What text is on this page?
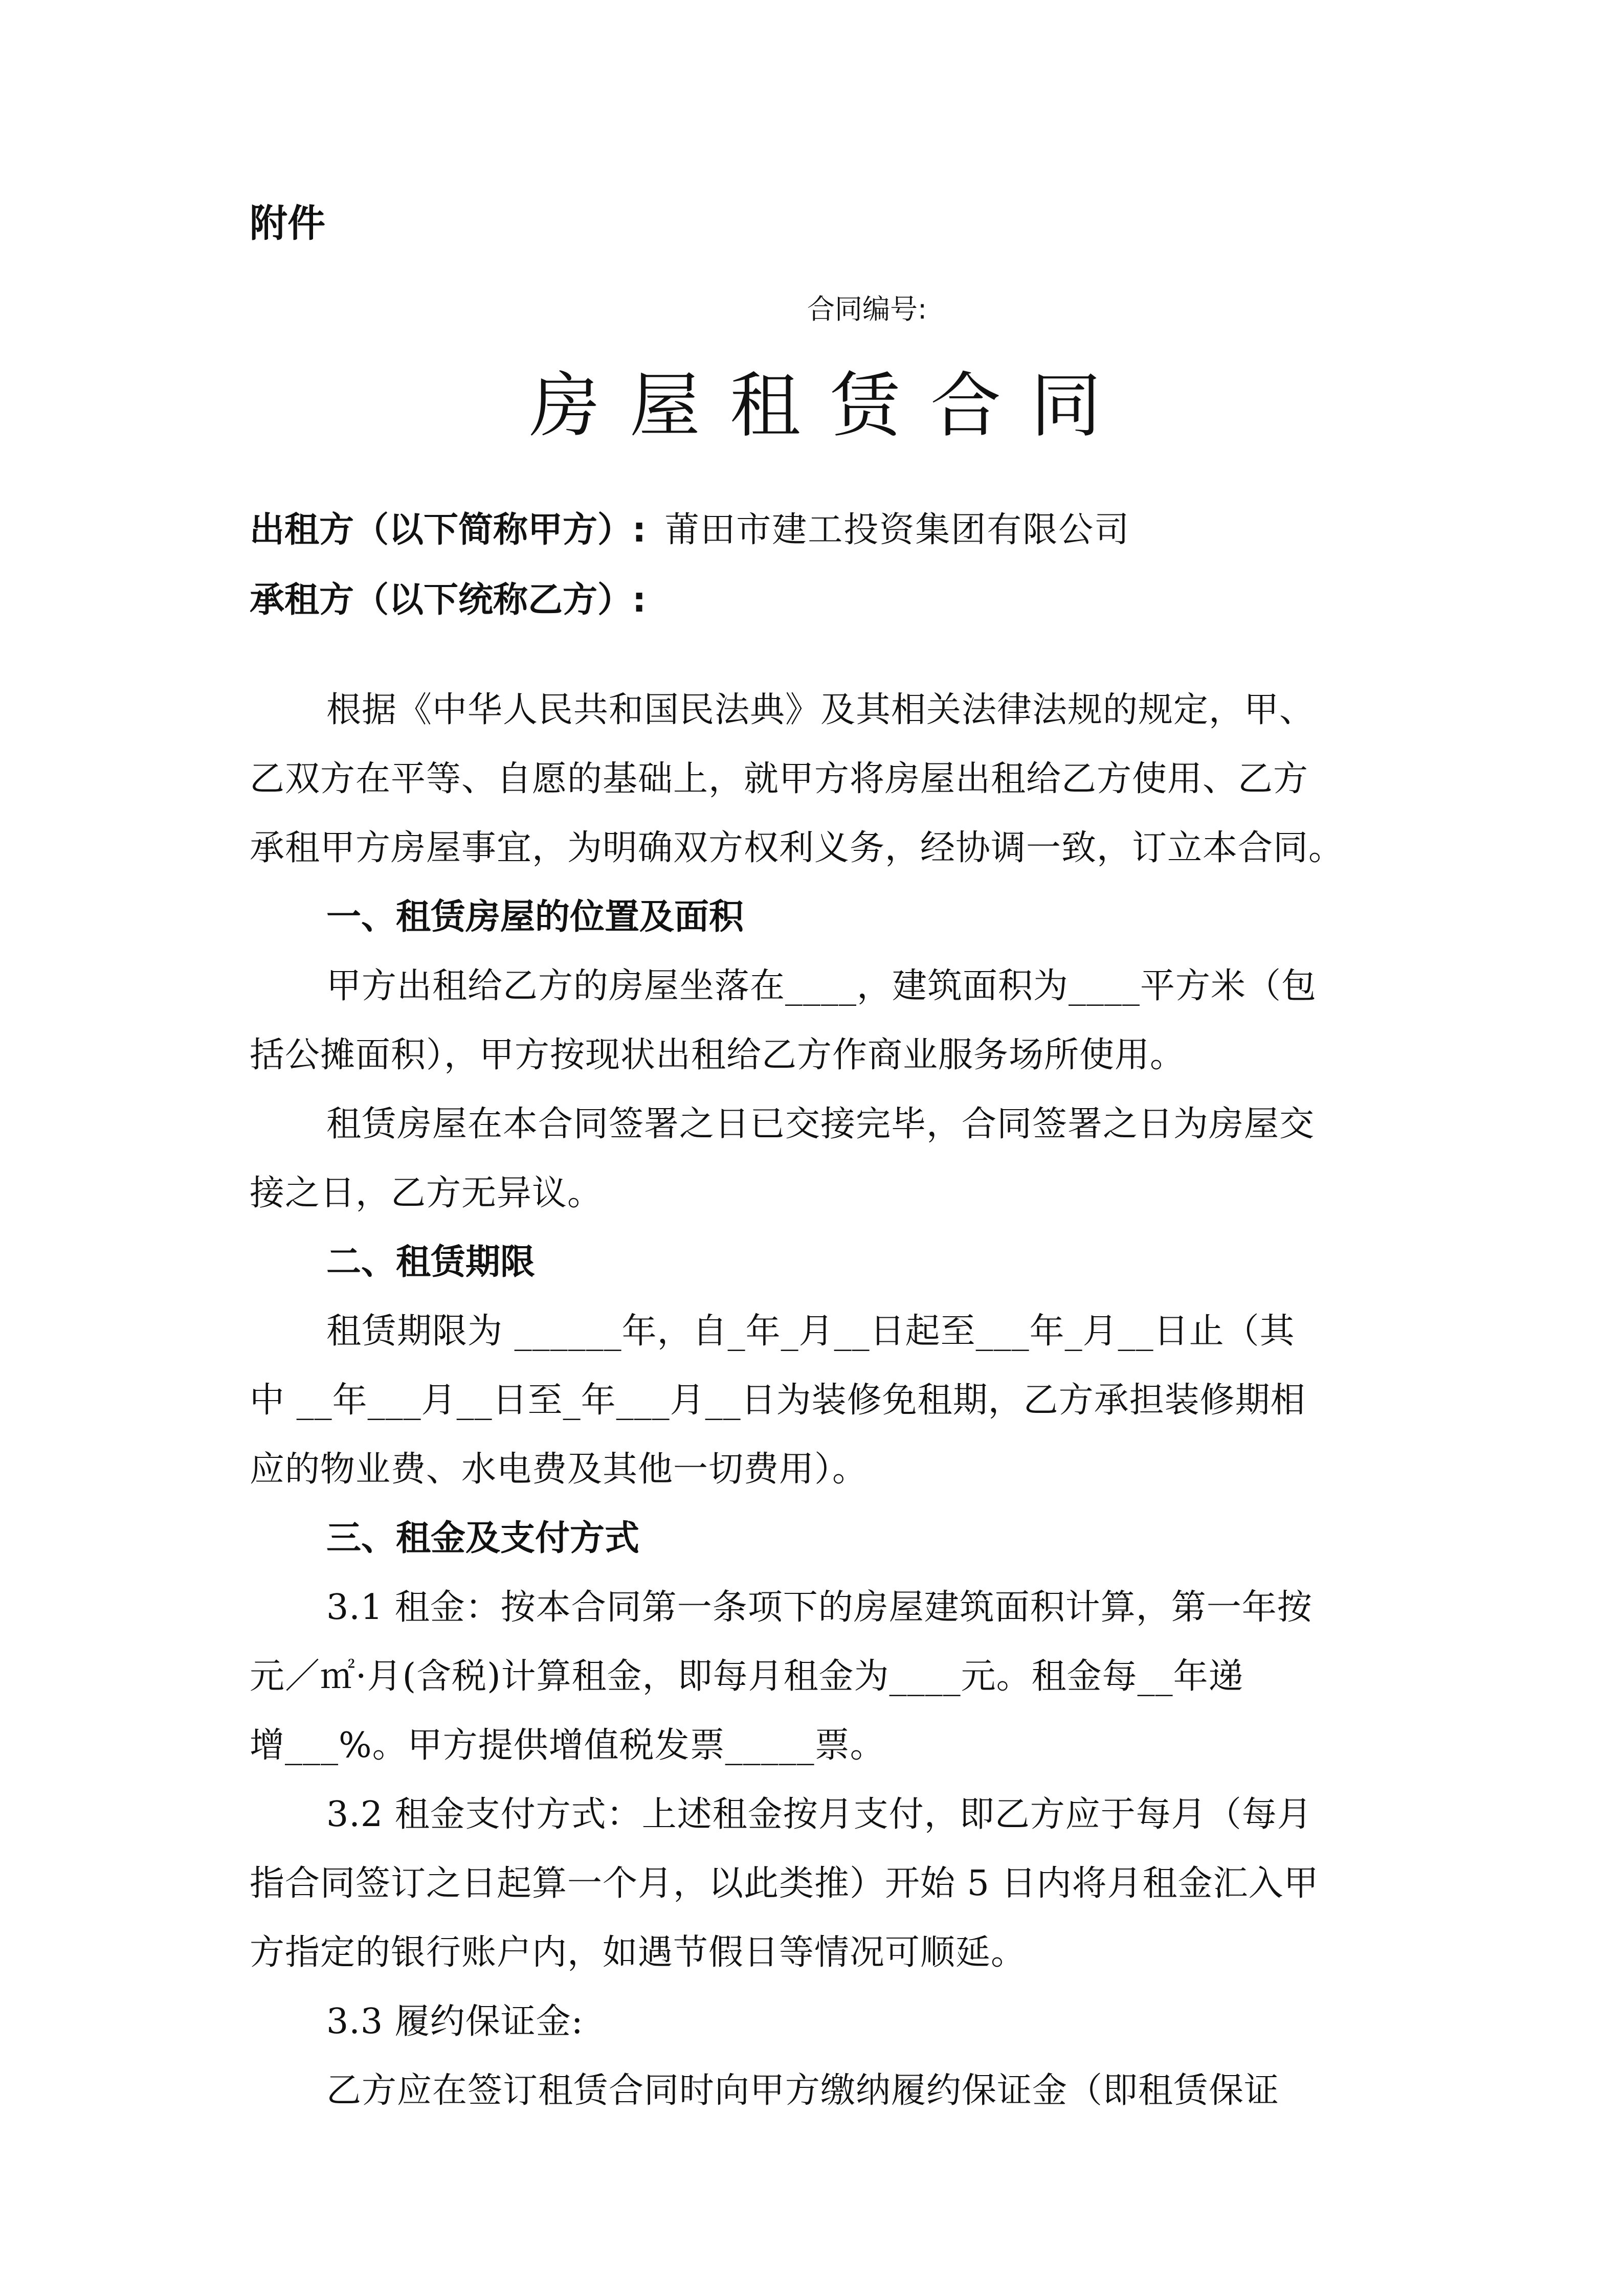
附件
合同编号:
房屋租赁合同
出租方（以下简称甲方）: 莆田市建工投资集团有限公司
承租方（以下统称乙方）:
根据《中华人民共和国民法典》及其相关法律法规的规定，甲、
乙双方在平等、自愿的基础上，就甲方将房屋出租给乙方使用、乙方
承租甲方房屋事宜，为明确双方权利义务，经协调一致，订立本合同。
一、租赁房屋的位置及面积
甲方出租给乙方的房屋坐落在____，建筑面积为____平方米（包
括公摊面积），甲方按现状出租给乙方作商业服务场所使用。
租赁房屋在本合同签署之日已交接完毕，合同签署之日为房屋交
接之日，乙方无异议。
二、租赁期限
租赁期限为 ______年，自_年_月__日起至___年_月__日止（其
中 __年___月__日至_年___月__日为装修免租期，乙方承担装修期相
应的物业费、水电费及其他一切费用）。
三、租金及支付方式
3.1 租金：按本合同第一条项下的房屋建筑面积计算，第一年按
元／㎡·月(含税)计算租金，即每月租金为____元。租金每__年递
增___%。甲方提供增值税发票_____票。
3.2 租金支付方式：上述租金按月支付，即乙方应于每月（每月
指合同签订之日起算一个月，以此类推）开始 5 日内将月租金汇入甲
方指定的银行账户内，如遇节假日等情况可顺延。
3.3 履约保证金:
乙方应在签订租赁合同时向甲方缴纳履约保证金（即租赁保证
